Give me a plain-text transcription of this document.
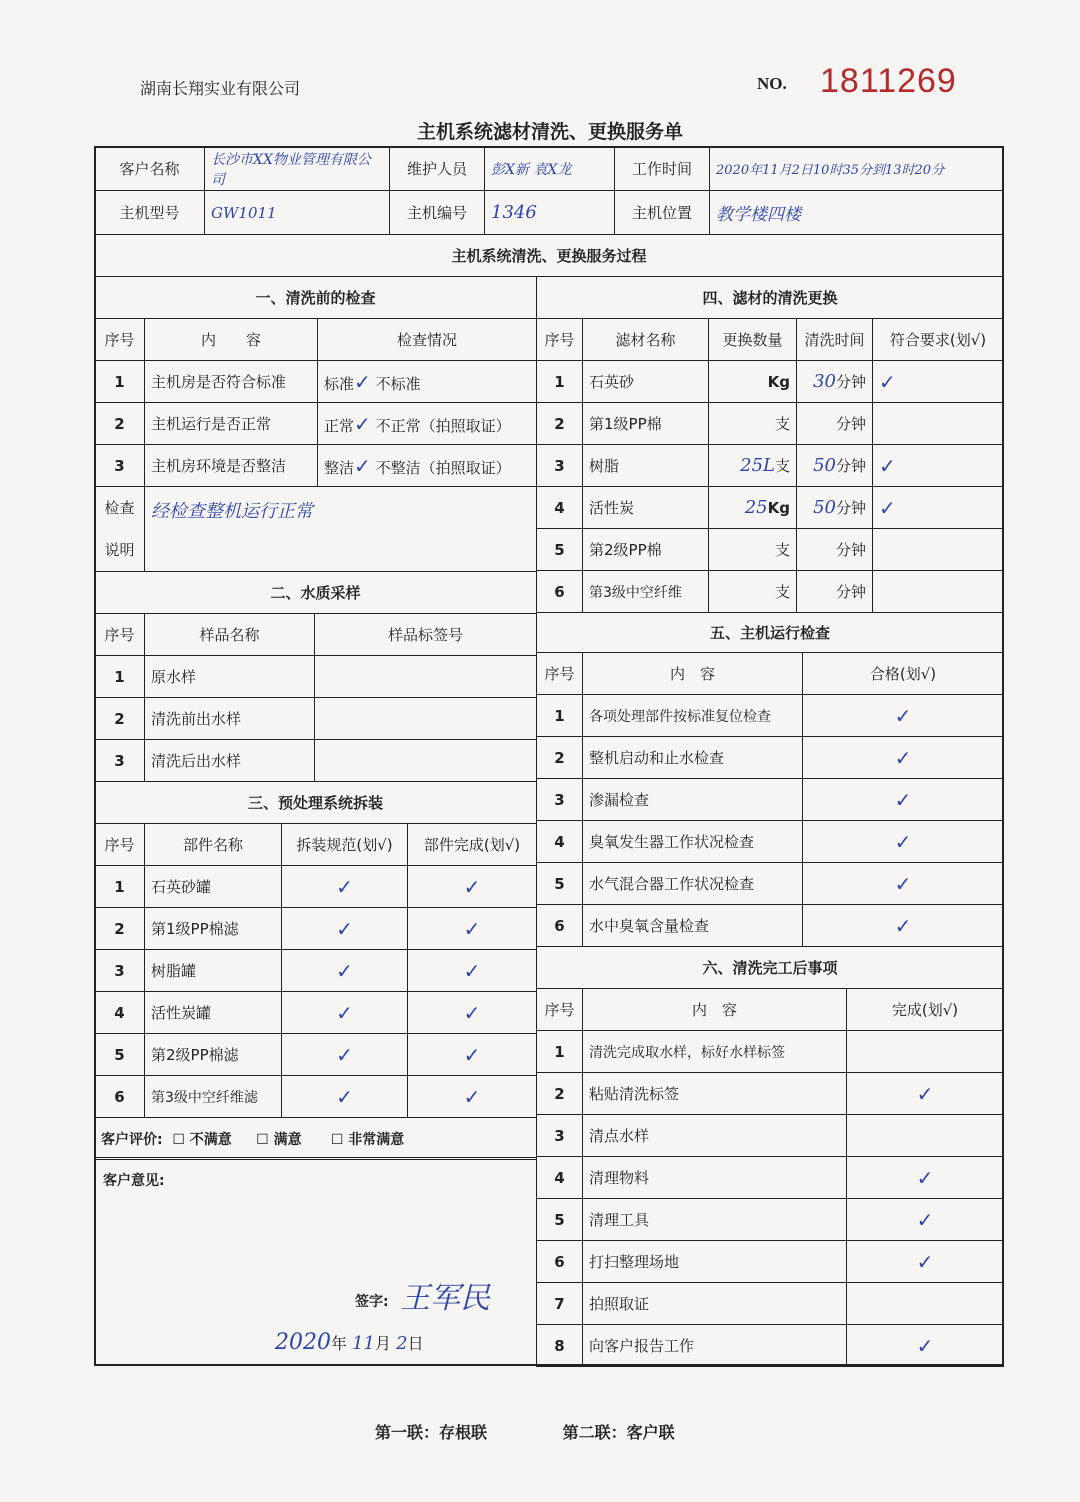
湖南长翔实业有限公司	NO. 1811269
主机系统滤材清洗、更换服务单
客户名称	长沙市XX物业管理有限公司	维护人员	彭X新 袁X龙	工作时间	2020年11月2日10时35分到13时20分
主机型号	GW1011	主机编号	1346	主机位置	教学楼四楼
主机系统清洗、更换服务过程					
一、清洗前的检查		
序号	内　　容	检查情况
1	主机房是否符合标准	标准✓ 不标准
2	主机运行是否正常	正常✓ 不正常（拍照取证）
3	主机房环境是否整洁	整洁✓ 不整洁（拍照取证）
检查
说明	经检查整机运行正常	
二、水质采样		
序号	样品名称	样品标签号
1	原水样	
2	清洗前出水样	
3	清洗后出水样	
三、预处理系统拆装			
序号	部件名称	拆装规范(划√)	部件完成(划√)
1	石英砂罐	✓	✓
2	第1级PP棉滤	✓	✓
3	树脂罐	✓	✓
4	活性炭罐	✓	✓
5	第2级PP棉滤	✓	✓
6	第3级中空纤维滤	✓	✓
客户评价: ☐ 不满意 ☐ 满意 ☐ 非常满意			
客户意见:
签字: 王军民
2020年 11月 2日
四、滤材的清洗更换				
序号	滤材名称	更换数量	清洗时间	符合要求(划√)
1	石英砂	Kg	30分钟	✓
2	第1级PP棉	支	分钟	
3	树脂	25L支	50分钟	✓
4	活性炭	25Kg	50分钟	✓
5	第2级PP棉	支	分钟	
6	第3级中空纤维	支	分钟	
五、主机运行检查		
序号	内　容	合格(划√)
1	各项处理部件按标准复位检查	✓
2	整机启动和止水检查	✓
3	渗漏检查	✓
4	臭氧发生器工作状况检查	✓
5	水气混合器工作状况检查	✓
6	水中臭氧含量检查	✓
六、清洗完工后事项		
序号	内　容	完成(划√)
1	清洗完成取水样，标好水样标签	
2	粘贴清洗标签	✓
3	清点水样	
4	清理物料	✓
5	清理工具	✓
6	打扫整理场地	✓
7	拍照取证	
8	向客户报告工作	✓
第一联：存根联	第二联：客户联
